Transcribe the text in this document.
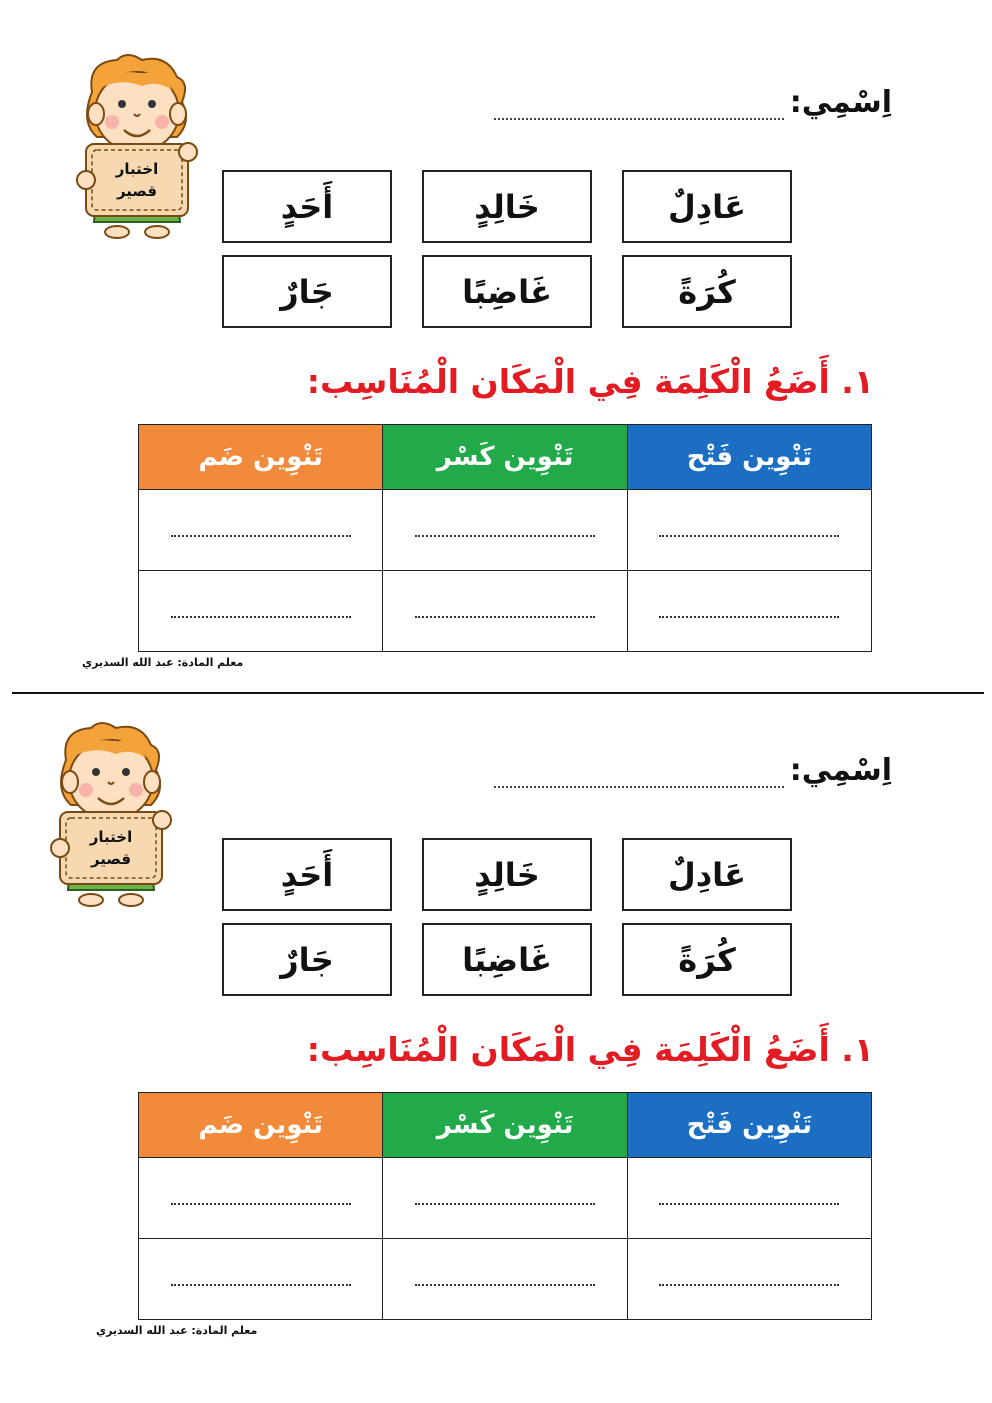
اِسْمِي:
اختبار
قصير	عَادِلٌ
خَالِدٍ
أَحَدٍ
كُرَةً
غَاضِبًا
جَارٌ
١. أَضَعُ الْكَلِمَة فِي الْمَكَان الْمُنَاسِب:
تَنْوِين فَتْح	تَنْوِين كَسْر	تَنْوِين ضَم

معلم المادة: عبد الله السديري
اِسْمِي:
اختبار
قصير	عَادِلٌ
خَالِدٍ
أَحَدٍ
كُرَةً
غَاضِبًا
جَارٌ
١. أَضَعُ الْكَلِمَة فِي الْمَكَان الْمُنَاسِب:
تَنْوِين فَتْح	تَنْوِين كَسْر	تَنْوِين ضَم

معلم المادة: عبد الله السديري
